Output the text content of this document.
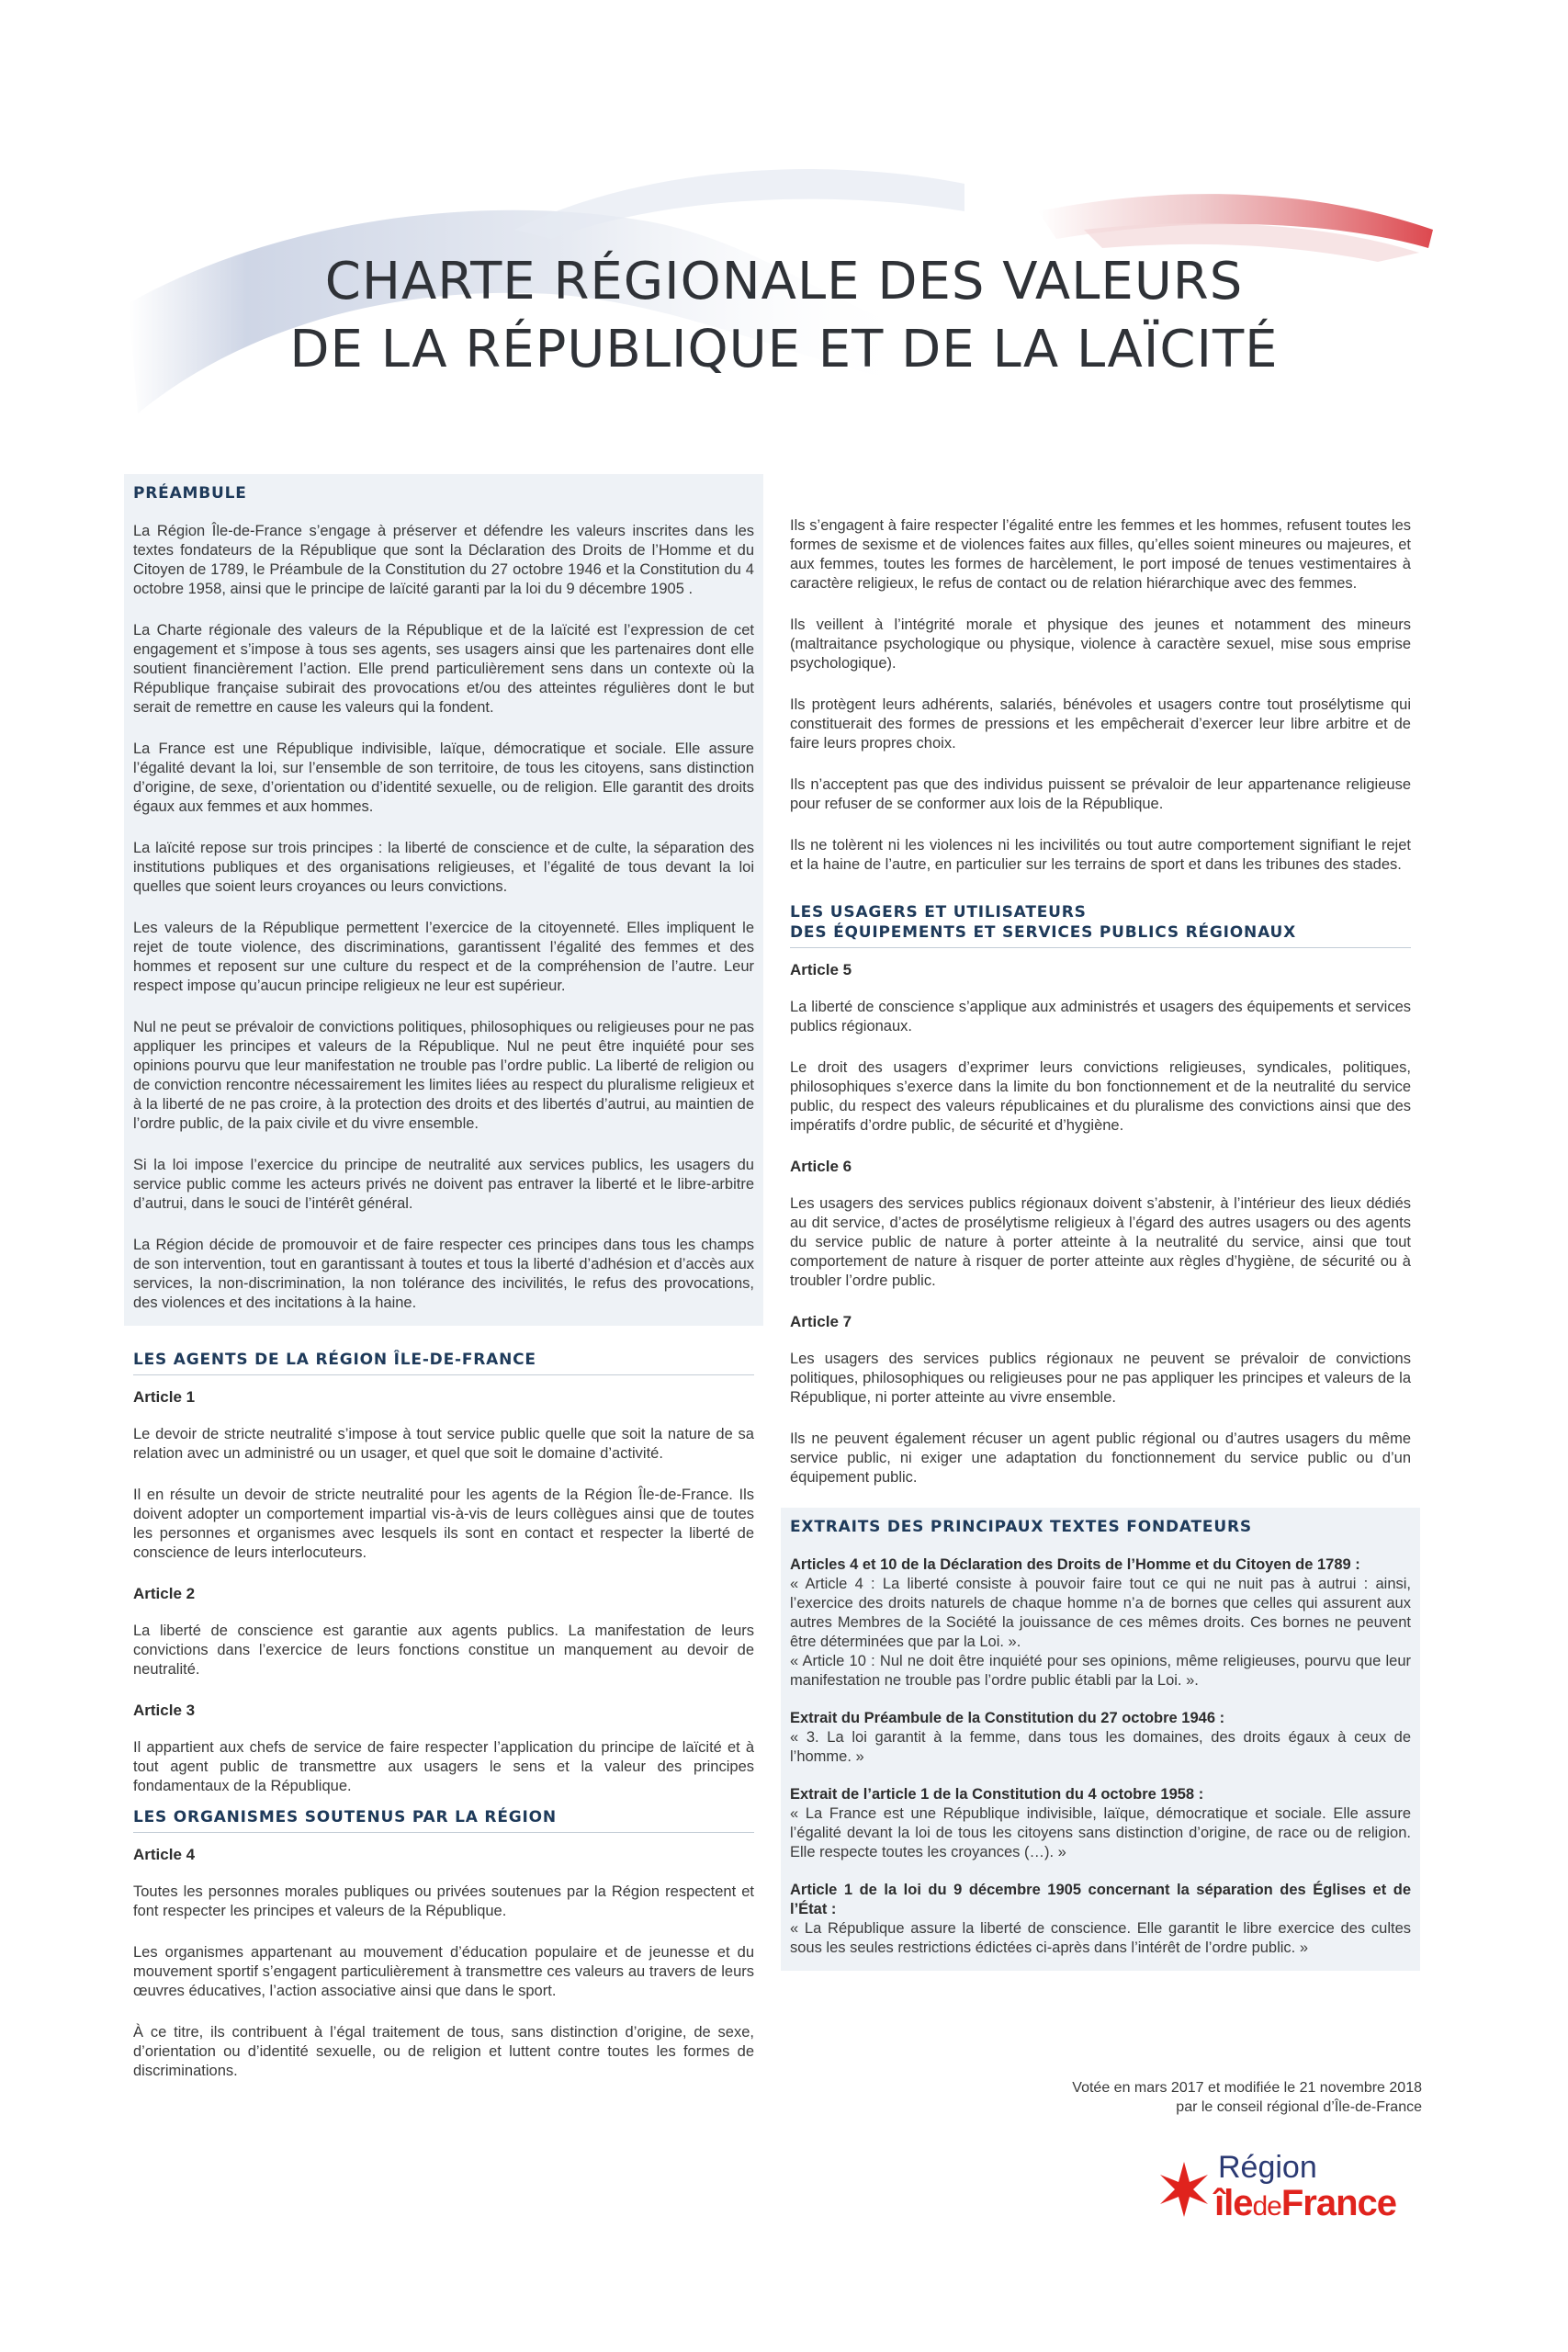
CHARTE RÉGIONALE DES VALEURS
DE LA RÉPUBLIQUE ET DE LA LAÏCITÉ
PRÉAMBULE

La Région Île-de-France s’engage à préserver et défendre les valeurs inscrites dans les textes fondateurs de la République que sont la Déclaration des Droits de l’Homme et du Citoyen de 1789, le Préambule de la Constitution du 27 octobre 1946 et la Constitution du 4 octobre 1958, ainsi que le principe de laïcité garanti par la loi du 9 décembre 1905 .

La Charte régionale des valeurs de la République et de la laïcité est l’expression de cet engagement et s’impose à tous ses agents, ses usagers ainsi que les partenaires dont elle soutient financièrement l’action. Elle prend particulièrement sens dans un contexte où la République française subirait des provocations et/ou des atteintes régulières dont le but serait de remettre en cause les valeurs qui la fondent.

La France est une République indivisible, laïque, démocratique et sociale. Elle assure l’égalité devant la loi, sur l’ensemble de son territoire, de tous les citoyens, sans distinction d’origine, de sexe, d’orientation ou d’identité sexuelle, ou de religion. Elle garantit des droits égaux aux femmes et aux hommes.

La laïcité repose sur trois principes : la liberté de conscience et de culte, la séparation des institutions publiques et des organisations religieuses, et l’égalité de tous devant la loi quelles que soient leurs croyances ou leurs convictions.

Les valeurs de la République permettent l’exercice de la citoyenneté. Elles impliquent le rejet de toute violence, des discriminations, garantissent l’égalité des femmes et des hommes et reposent sur une culture du respect et de la compréhension de l’autre. Leur respect impose qu’aucun principe religieux ne leur est supérieur.

Nul ne peut se prévaloir de convictions politiques, philosophiques ou religieuses pour ne pas appliquer les principes et valeurs de la République. Nul ne peut être inquiété pour ses opinions pourvu que leur manifestation ne trouble pas l’ordre public. La liberté de religion ou de conviction rencontre nécessairement les limites liées au respect du pluralisme religieux et à la liberté de ne pas croire, à la protection des droits et des libertés d’autrui, au maintien de l’ordre public, de la paix civile et du vivre ensemble.

Si la loi impose l’exercice du principe de neutralité aux services publics, les usagers du service public comme les acteurs privés ne doivent pas entraver la liberté et le libre-arbitre d’autrui, dans le souci de l’intérêt général.

La Région décide de promouvoir et de faire respecter ces principes dans tous les champs de son intervention, tout en garantissant à toutes et tous la liberté d’adhésion et d’accès aux services, la non-discrimination, la non tolérance des incivilités, le refus des provocations, des violences et des incitations à la haine.

LES AGENTS DE LA RÉGION ÎLE-DE-FRANCE
Article 1

Le devoir de stricte neutralité s’impose à tout service public quelle que soit la nature de sa relation avec un administré ou un usager, et quel que soit le domaine d’activité.

Il en résulte un devoir de stricte neutralité pour les agents de la Région Île-de-France. Ils doivent adopter un comportement impartial vis-à-vis de leurs collègues ainsi que de toutes les personnes et organismes avec lesquels ils sont en contact et respecter la liberté de conscience de leurs interlocuteurs.

Article 2

La liberté de conscience est garantie aux agents publics. La manifestation de leurs convictions dans l’exercice de leurs fonctions constitue un manquement au devoir de neutralité.

Article 3

Il appartient aux chefs de service de faire respecter l’application du principe de laïcité et à tout agent public de transmettre aux usagers le sens et la valeur des principes fondamentaux de la République.

LES ORGANISMES SOUTENUS PAR LA RÉGION
Article 4

Toutes les personnes morales publiques ou privées soutenues par la Région respectent et font respecter les principes et valeurs de la République.

Les organismes appartenant au mouvement d’éducation populaire et de jeunesse et du mouvement sportif s’engagent particulièrement à transmettre ces valeurs au travers de leurs œuvres éducatives, l’action associative ainsi que dans le sport.

À ce titre, ils contribuent à l’égal traitement de tous, sans distinction d’origine, de sexe, d’orientation ou d’identité sexuelle, ou de religion et luttent contre toutes les formes de discriminations.

Ils s’engagent à faire respecter l’égalité entre les femmes et les hommes, refusent toutes les formes de sexisme et de violences faites aux filles, qu’elles soient mineures ou majeures, et aux femmes, toutes les formes de harcèlement, le port imposé de tenues vestimentaires à caractère religieux, le refus de contact ou de relation hiérarchique avec des femmes.

Ils veillent à l’intégrité morale et physique des jeunes et notamment des mineurs (maltraitance psychologique ou physique, violence à caractère sexuel, mise sous emprise psychologique).

Ils protègent leurs adhérents, salariés, bénévoles et usagers contre tout prosélytisme qui constituerait des formes de pressions et les empêcherait d’exercer leur libre arbitre et de faire leurs propres choix.

Ils n’acceptent pas que des individus puissent se prévaloir de leur appartenance religieuse pour refuser de se conformer aux lois de la République.

Ils ne tolèrent ni les violences ni les incivilités ou tout autre comportement signifiant le rejet et la haine de l’autre, en particulier sur les terrains de sport et dans les tribunes des stades.

LES USAGERS ET UTILISATEURS
DES ÉQUIPEMENTS ET SERVICES PUBLICS RÉGIONAUX
Article 5

La liberté de conscience s’applique aux administrés et usagers des équipements et services publics régionaux.

Le droit des usagers d’exprimer leurs convictions religieuses, syndicales, politiques, philosophiques s’exerce dans la limite du bon fonctionnement et de la neutralité du service public, du respect des valeurs républicaines et du pluralisme des convictions ainsi que des impératifs d’ordre public, de sécurité et d’hygiène.

Article 6

Les usagers des services publics régionaux doivent s’abstenir, à l’intérieur des lieux dédiés au dit service, d’actes de prosélytisme religieux à l’égard des autres usagers ou des agents du service public de nature à porter atteinte à la neutralité du service, ainsi que tout comportement de nature à risquer de porter atteinte aux règles d’hygiène, de sécurité ou à troubler l’ordre public.

Article 7

Les usagers des services publics régionaux ne peuvent se prévaloir de convictions politiques, philosophiques ou religieuses pour ne pas appliquer les principes et valeurs de la République, ni porter atteinte au vivre ensemble.

Ils ne peuvent également récuser un agent public régional ou d’autres usagers du même service public, ni exiger une adaptation du fonctionnement du service public ou d’un équipement public.

EXTRAITS DES PRINCIPAUX TEXTES FONDATEURS
Articles 4 et 10 de la Déclaration des Droits de l’Homme et du Citoyen de 1789 :

« Article 4 : La liberté consiste à pouvoir faire tout ce qui ne nuit pas à autrui : ainsi, l’exercice des droits naturels de chaque homme n’a de bornes que celles qui assurent aux autres Membres de la Société la jouissance de ces mêmes droits. Ces bornes ne peuvent être déterminées que par la Loi. ».

« Article 10 : Nul ne doit être inquiété pour ses opinions, même religieuses, pourvu que leur manifestation ne trouble pas l’ordre public établi par la Loi. ».

Extrait du Préambule de la Constitution du 27 octobre 1946 :

« 3. La loi garantit à la femme, dans tous les domaines, des droits égaux à ceux de l’homme. »

Extrait de l’article 1 de la Constitution du 4 octobre 1958 :

« La France est une République indivisible, laïque, démocratique et sociale. Elle assure l’égalité devant la loi de tous les citoyens sans distinction d’origine, de race ou de religion. Elle respecte toutes les croyances (…). »

Article 1 de la loi du 9 décembre 1905 concernant la séparation des Églises et de l’État :

« La République assure la liberté de conscience. Elle garantit le libre exercice des cultes sous les seules restrictions édictées ci-après dans l’intérêt de l’ordre public. »

Votée en mars 2017 et modifiée le 21 novembre 2018
par le conseil régional d’Île-de-France
Région
îledeFrance
